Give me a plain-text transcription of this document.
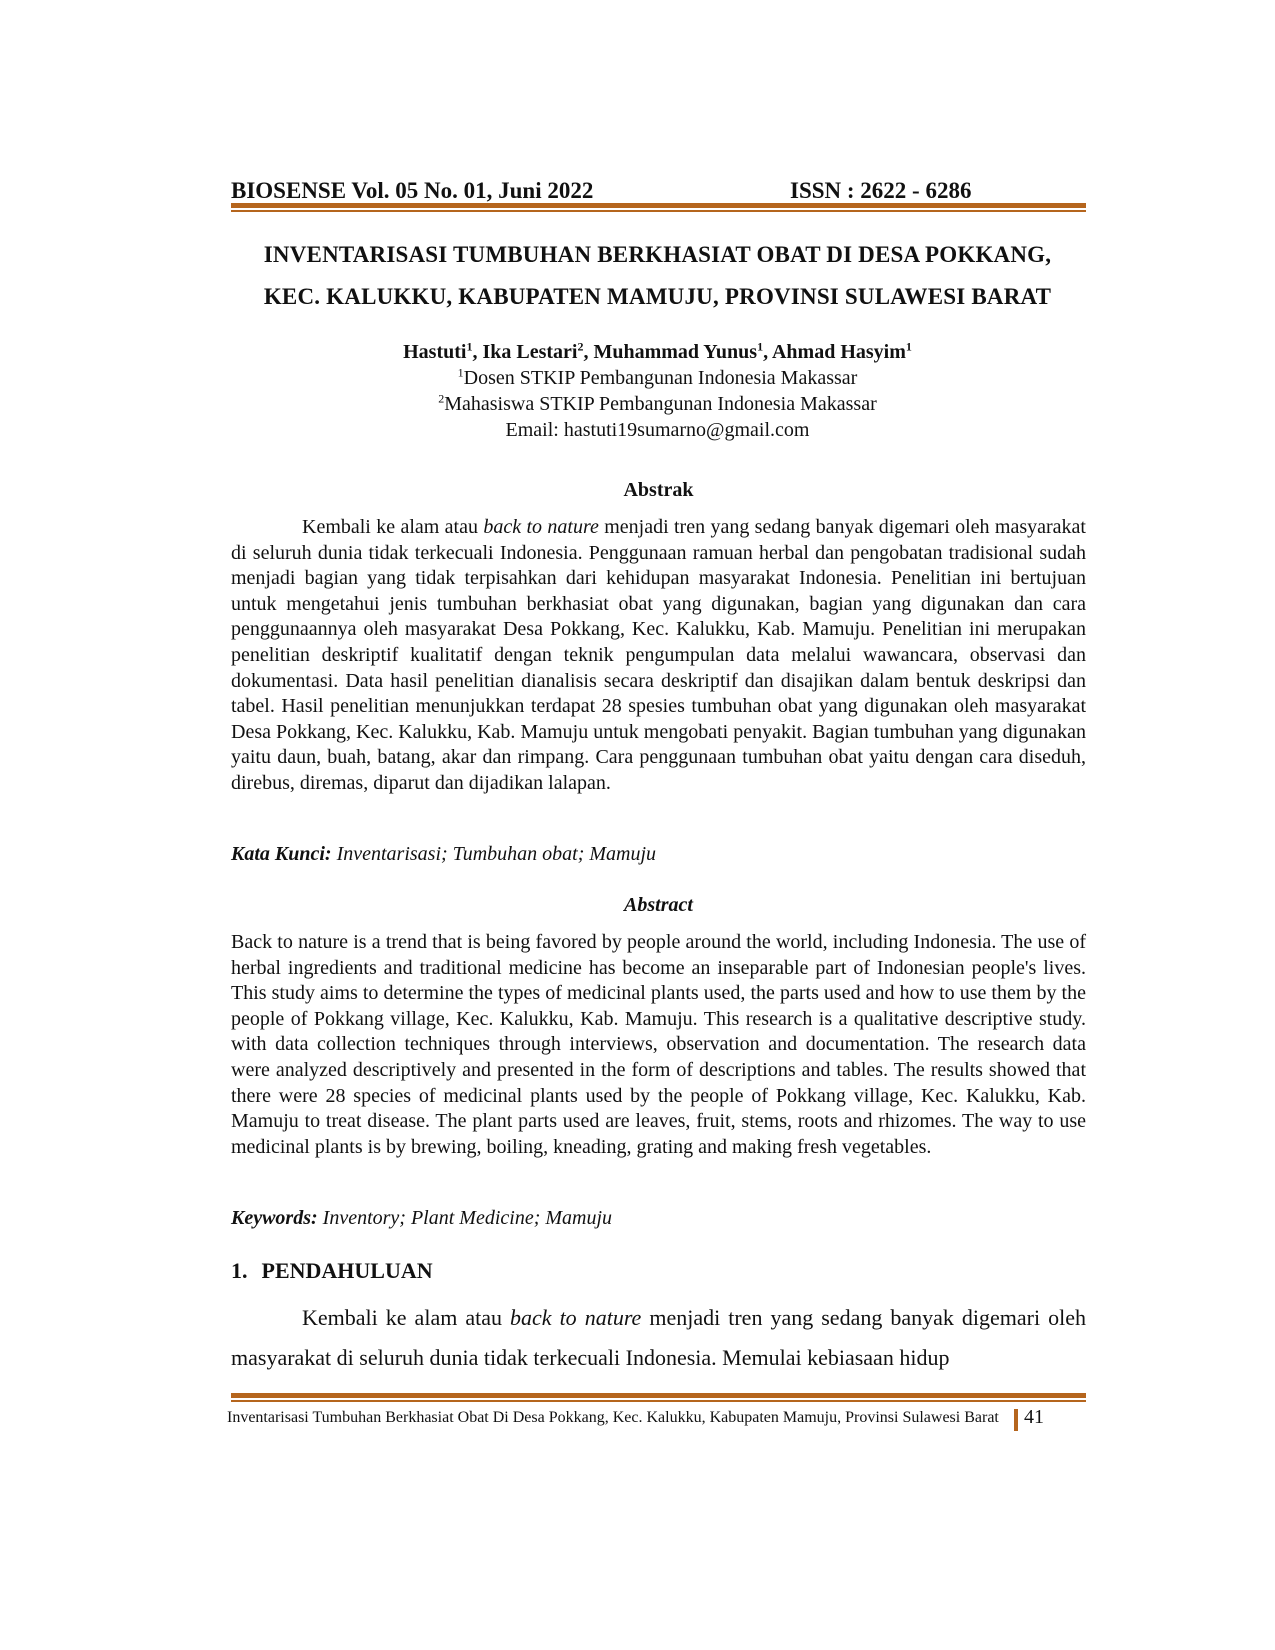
BIOSENSE Vol. 05 No. 01, Juni 2022	ISSN : 2622 - 6286
INVENTARISASI TUMBUHAN BERKHASIAT OBAT DI DESA POKKANG,
KEC. KALUKKU, KABUPATEN MAMUJU, PROVINSI SULAWESI BARAT
Hastuti$^1$, Ika Lestari$^2$, Muhammad Yunus$^1$, Ahmad Hasyim$^1$
$^1$Dosen STKIP Pembangunan Indonesia Makassar
$^2$Mahasiswa STKIP Pembangunan Indonesia Makassar
Email: hastuti19sumarno@gmail.com
Abstrak
Kembali ke alam atau back to nature menjadi tren yang sedang banyak digemari oleh masyarakat di seluruh dunia tidak terkecuali Indonesia. Penggunaan ramuan herbal dan pengobatan tradisional sudah menjadi bagian yang tidak terpisahkan dari kehidupan masyarakat Indonesia. Penelitian ini bertujuan untuk mengetahui jenis tumbuhan berkhasiat obat yang digunakan, bagian yang digunakan dan cara penggunaannya oleh masyarakat Desa Pokkang, Kec. Kalukku, Kab. Mamuju. Penelitian ini merupakan penelitian deskriptif kualitatif dengan teknik pengumpulan data melalui wawancara, observasi dan dokumentasi. Data hasil penelitian dianalisis secara deskriptif dan disajikan dalam bentuk deskripsi dan tabel. Hasil penelitian menunjukkan terdapat 28 spesies tumbuhan obat yang digunakan oleh masyarakat Desa Pokkang, Kec. Kalukku, Kab. Mamuju untuk mengobati penyakit. Bagian tumbuhan yang digunakan yaitu daun, buah, batang, akar dan rimpang. Cara penggunaan tumbuhan obat yaitu dengan cara diseduh, direbus, diremas, diparut dan dijadikan lalapan.
Kata Kunci: Inventarisasi; Tumbuhan obat; Mamuju
Abstract
Back to nature is a trend that is being favored by people around the world, including Indonesia. The use of herbal ingredients and traditional medicine has become an inseparable part of Indonesian people's lives. This study aims to determine the types of medicinal plants used, the parts used and how to use them by the people of Pokkang village, Kec. Kalukku, Kab. Mamuju. This research is a qualitative descriptive study. with data collection techniques through interviews, observation and documentation. The research data were analyzed descriptively and presented in the form of descriptions and tables. The results showed that there were 28 species of medicinal plants used by the people of Pokkang village, Kec. Kalukku, Kab. Mamuju to treat disease. The plant parts used are leaves, fruit, stems, roots and rhizomes. The way to use medicinal plants is by brewing, boiling, kneading, grating and making fresh vegetables.
Keywords: Inventory; Plant Medicine; Mamuju
1. PENDAHULUAN
Kembali ke alam atau back to nature menjadi tren yang sedang banyak digemari oleh masyarakat di seluruh dunia tidak terkecuali Indonesia. Memulai kebiasaan hidup
Inventarisasi Tumbuhan Berkhasiat Obat Di Desa Pokkang, Kec. Kalukku, Kabupaten Mamuju, Provinsi Sulawesi Barat	41
